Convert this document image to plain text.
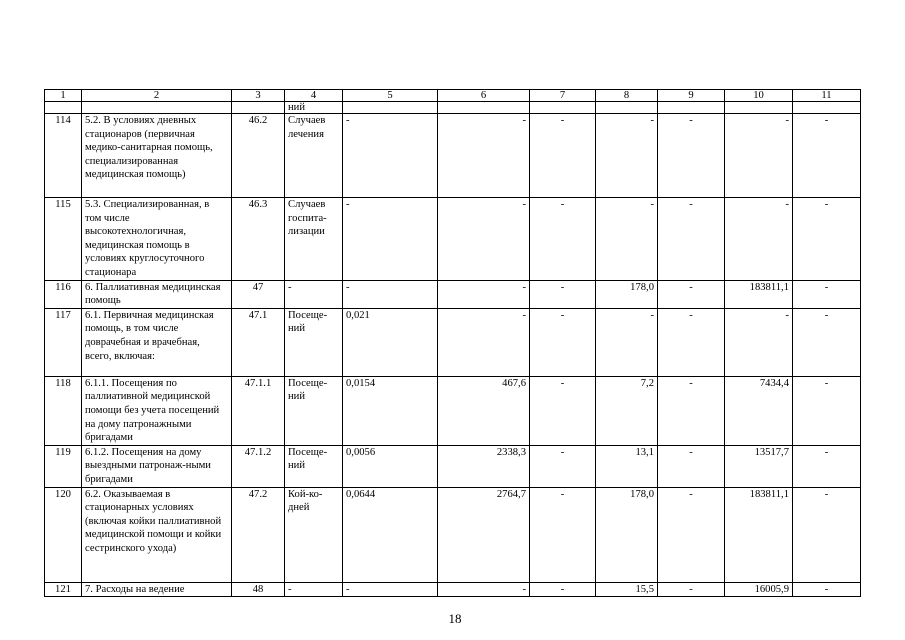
1	2	3	4	5	6	7	8	9	10	11
			ний							
114	5.2. В условиях дневных стационаров (первичная медико-санитарная помощь, специализированная медицинская помощь)	46.2	Случаев лечения	-	-	-	-	-	-	-
115	5.3. Специализированная, в том числе высокотехнологичная, медицинская помощь в условиях круглосуточного стационара	46.3	Случаев госпита-лизации	-	-	-	-	-	-	-
116	6. Паллиативная медицинская помощь	47	-	-	-	-	178,0	-	183811,1	-
117	6.1. Первичная медицинская помощь, в том числе доврачебная и врачебная, всего, включая:	47.1	Посеще-ний	0,021	-	-	-	-	-	-
118	6.1.1. Посещения по паллиативной медицинской помощи без учета посещений на дому патронажными бригадами	47.1.1	Посеще-ний	0,0154	467,6	-	7,2	-	7434,4	-
119	6.1.2. Посещения на дому выездными патронаж-ными бригадами	47.1.2	Посеще-ний	0,0056	2338,3	-	13,1	-	13517,7	-
120	6.2. Оказываемая в стационарных условиях (включая койки паллиативной медицинской помощи и койки сестринского ухода)	47.2	Кой-ко-дней	0,0644	2764,7	-	178,0	-	183811,1	-
121	7. Расходы на ведение	48	-	-	-	-	15,5	-	16005,9	-
18
